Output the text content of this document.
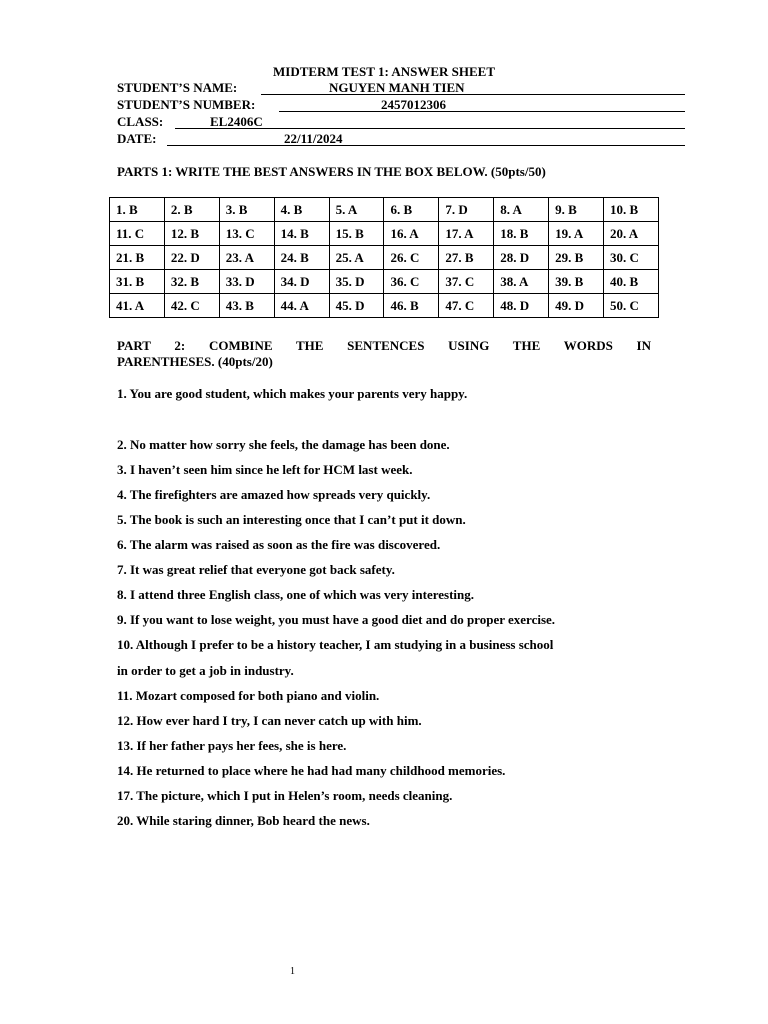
MIDTERM TEST 1: ANSWER SHEET
STUDENT’S NAME:	NGUYEN MANH TIEN
STUDENT’S NUMBER:	2457012306
CLASS:	EL2406C
DATE:	22/11/2024
PARTS 1: WRITE THE BEST ANSWERS IN THE BOX BELOW. (50pts/50)
1. B	2. B	3. B	4. B	5. A	6. B	7. D	8. A	9. B	10. B
11. C	12. B	13. C	14. B	15. B	16. A	17. A	18. B	19. A	20. A
21. B	22. D	23. A	24. B	25. A	26. C	27. B	28. D	29. B	30. C
31. B	32. B	33. D	34. D	35. D	36. C	37. C	38. A	39. B	40. B
41. A	42. C	43. B	44. A	45. D	46. B	47. C	48. D	49. D	50. C
PART 2: COMBINE THE SENTENCES USING THE WORDS IN
PARENTHESES. (40pts/20)
1. You are good student, which makes your parents very happy.
2. No matter how sorry she feels, the damage has been done.
3. I haven’t seen him since he left for HCM last week.
4. The firefighters are amazed how spreads very quickly.
5. The book is such an interesting once that I can’t put it down.
6. The alarm was raised as soon as the fire was discovered.
7. It was great relief that everyone got back safety.
8. I attend three English class, one of which was very interesting.
9. If you want to lose weight, you must have a good diet and do proper exercise.
10. Although I prefer to be a history teacher, I am studying in a business school
in order to get a job in industry.
11. Mozart composed for both piano and violin.
12. How ever hard I try, I can never catch up with him.
13. If her father pays her fees, she is here.
14. He returned to place where he had had many childhood memories.
17. The picture, which I put in Helen’s room, needs cleaning.
20. While staring dinner, Bob heard the news.
1
